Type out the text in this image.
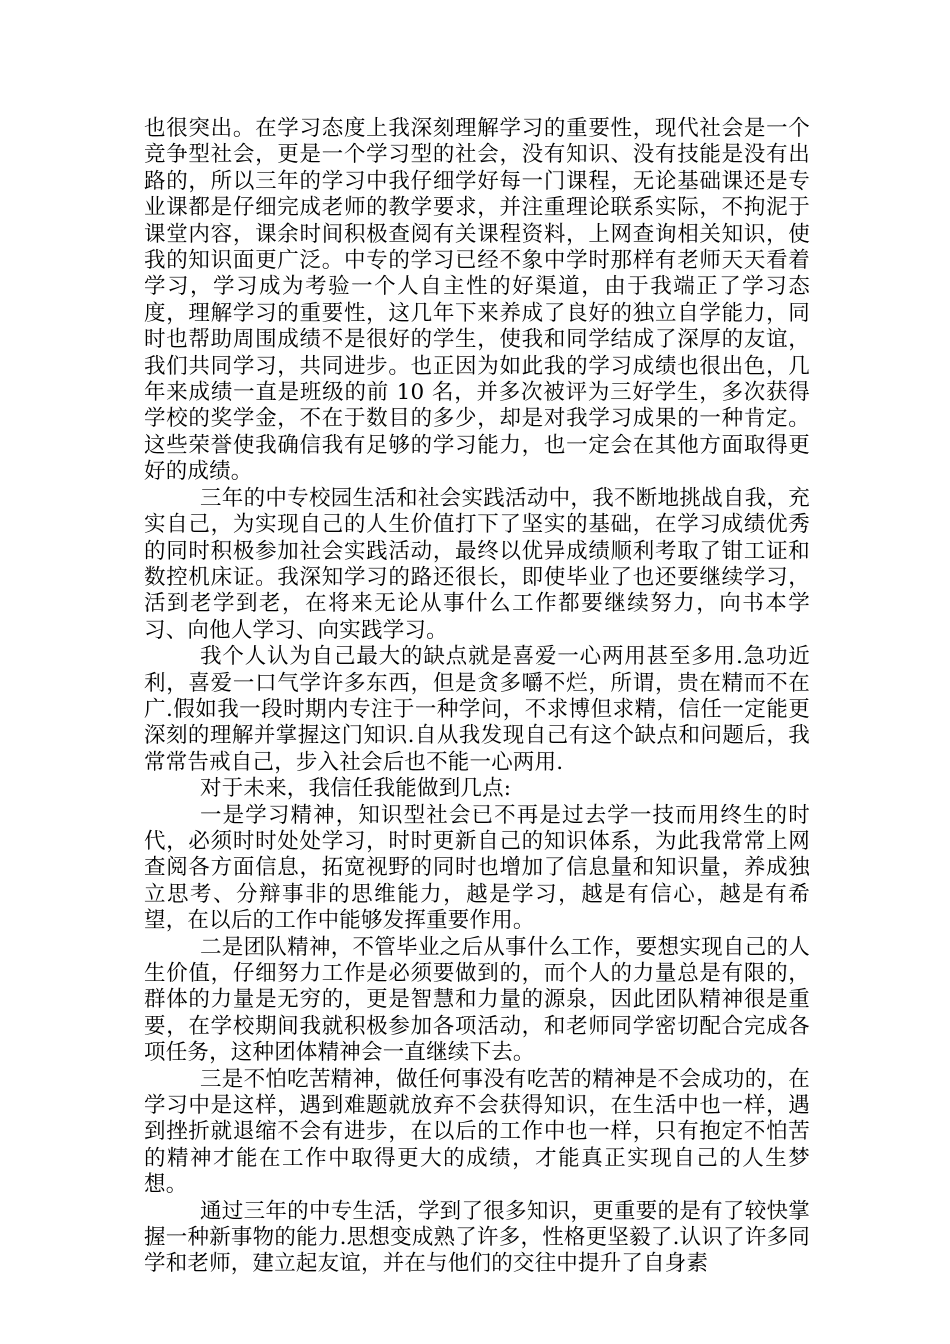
也很突出。在学习态度上我深刻理解学习的重要性，现代社会是一个竞争型社会，更是一个学习型的社会，没有知识、没有技能是没有出路的，所以三年的学习中我仔细学好每一门课程，无论基础课还是专业课都是仔细完成老师的教学要求，并注重理论联系实际，不拘泥于课堂内容，课余时间积极查阅有关课程资料，上网查询相关知识，使我的知识面更广泛。中专的学习已经不象中学时那样有老师天天看着学习，学习成为考验一个人自主性的好渠道，由于我端正了学习态度，理解学习的重要性，这几年下来养成了良好的独立自学能力，同时也帮助周围成绩不是很好的学生，使我和同学结成了深厚的友谊，我们共同学习，共同进步。也正因为如此我的学习成绩也很出色，几年来成绩一直是班级的前 10 名，并多次被评为三好学生，多次获得学校的奖学金，不在于数目的多少，却是对我学习成果的一种肯定。这些荣誉使我确信我有足够的学习能力，也一定会在其他方面取得更好的成绩。

三年的中专校园生活和社会实践活动中，我不断地挑战自我，充实自己，为实现自己的人生价值打下了坚实的基础，在学习成绩优秀的同时积极参加社会实践活动，最终以优异成绩顺利考取了钳工证和数控机床证。我深知学习的路还很长，即使毕业了也还要继续学习，活到老学到老，在将来无论从事什么工作都要继续努力，向书本学习、向他人学习、向实践学习。

我个人认为自己最大的缺点就是喜爱一心两用甚至多用.急功近利，喜爱一口气学许多东西，但是贪多嚼不烂，所谓，贵在精而不在广.假如我一段时期内专注于一种学问，不求博但求精，信任一定能更深刻的理解并掌握这门知识.自从我发现自己有这个缺点和问题后，我常常告戒自己，步入社会后也不能一心两用.

对于未来，我信任我能做到几点:

一是学习精神，知识型社会已不再是过去学一技而用终生的时代，必须时时处处学习，时时更新自己的知识体系，为此我常常上网查阅各方面信息，拓宽视野的同时也增加了信息量和知识量，养成独立思考、分辩事非的思维能力，越是学习，越是有信心，越是有希望，在以后的工作中能够发挥重要作用。

二是团队精神，不管毕业之后从事什么工作，要想实现自己的人生价值，仔细努力工作是必须要做到的，而个人的力量总是有限的，群体的力量是无穷的，更是智慧和力量的源泉，因此团队精神很是重要，在学校期间我就积极参加各项活动，和老师同学密切配合完成各项任务，这种团体精神会一直继续下去。

三是不怕吃苦精神，做任何事没有吃苦的精神是不会成功的，在学习中是这样，遇到难题就放弃不会获得知识，在生活中也一样，遇到挫折就退缩不会有进步，在以后的工作中也一样，只有抱定不怕苦的精神才能在工作中取得更大的成绩，才能真正实现自己的人生梦想。

通过三年的中专生活，学到了很多知识，更重要的是有了较快掌握一种新事物的能力.思想变成熟了许多，性格更坚毅了.认识了许多同学和老师，建立起友谊，并在与他们的交往中提升了自身素
